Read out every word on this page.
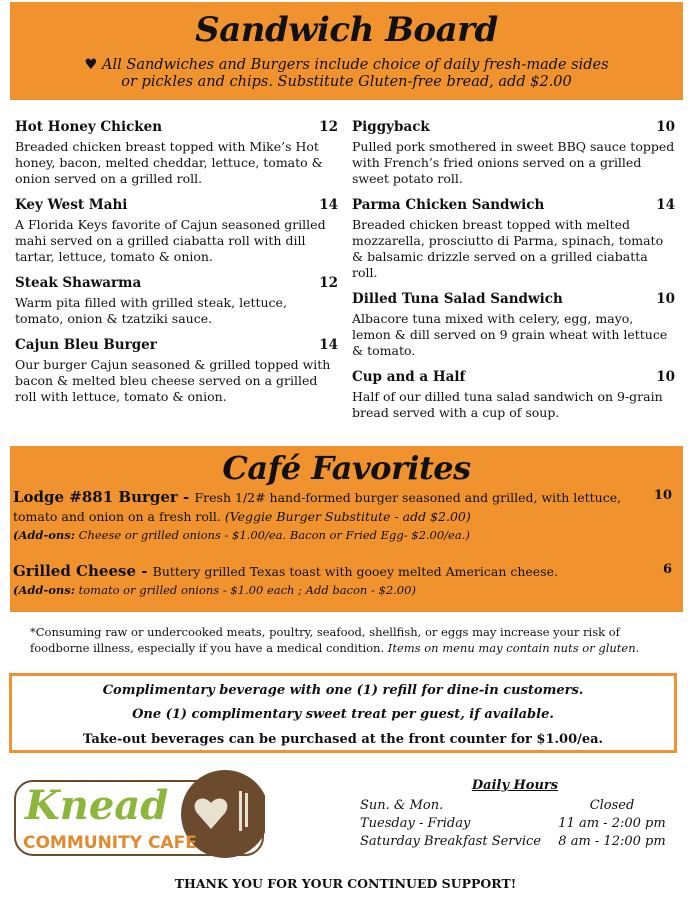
Sandwich Board
♥ All Sandwiches and Burgers include choice of daily fresh-made sides
or pickles and chips. Substitute Gluten-free bread, add $2.00
Hot Honey Chicken	12
Breaded chicken breast topped with Mike’s Hot honey, bacon, melted cheddar, lettuce, tomato & onion served on a grilled roll.
Key West Mahi	14
A Florida Keys favorite of Cajun seasoned grilled mahi served on a grilled ciabatta roll with dill tartar, lettuce, tomato & onion.
Steak Shawarma	12
Warm pita filled with grilled steak, lettuce, tomato, onion & tzatziki sauce.
Cajun Bleu Burger	14
Our burger Cajun seasoned & grilled topped with bacon & melted bleu cheese served on a grilled roll with lettuce, tomato & onion.
Piggyback	10
Pulled pork smothered in sweet BBQ sauce topped with French’s fried onions served on a grilled sweet potato roll.
Parma Chicken Sandwich	14
Breaded chicken breast topped with melted mozzarella, prosciutto di Parma, spinach, tomato & balsamic drizzle served on a grilled ciabatta roll.
Dilled Tuna Salad Sandwich	10
Albacore tuna mixed with celery, egg, mayo, lemon & dill served on 9 grain wheat with lettuce & tomato.
Cup and a Half	10
Half of our dilled tuna salad sandwich on 9-grain bread served with a cup of soup.
Café Favorites
Lodge #881 Burger - Fresh 1/2# hand-formed burger seasoned and grilled, with lettuce, tomato and onion on a fresh roll. (Veggie Burger Substitute - add $2.00)
10
(Add-ons: Cheese or grilled onions - $1.00/ea. Bacon or Fried Egg- $2.00/ea.)
Grilled Cheese - Buttery grilled Texas toast with gooey melted American cheese.	6
(Add-ons: tomato or grilled onions - $1.00 each ; Add bacon - $2.00)
*Consuming raw or undercooked meats, poultry, seafood, shellfish, or eggs may increase your risk of foodborne illness, especially if you have a medical condition. Items on menu may contain nuts or gluten.
Complimentary beverage with one (1) refill for dine-in customers.
One (1) complimentary sweet treat per guest, if available.
Take-out beverages can be purchased at the front counter for $1.00/ea.
Knead
COMMUNITY CAFE
Daily Hours
Sun. & Mon.	Closed
Tuesday - Friday	11 am - 2:00 pm
Saturday Breakfast Service	8 am - 12:00 pm
THANK YOU FOR YOUR CONTINUED SUPPORT!
